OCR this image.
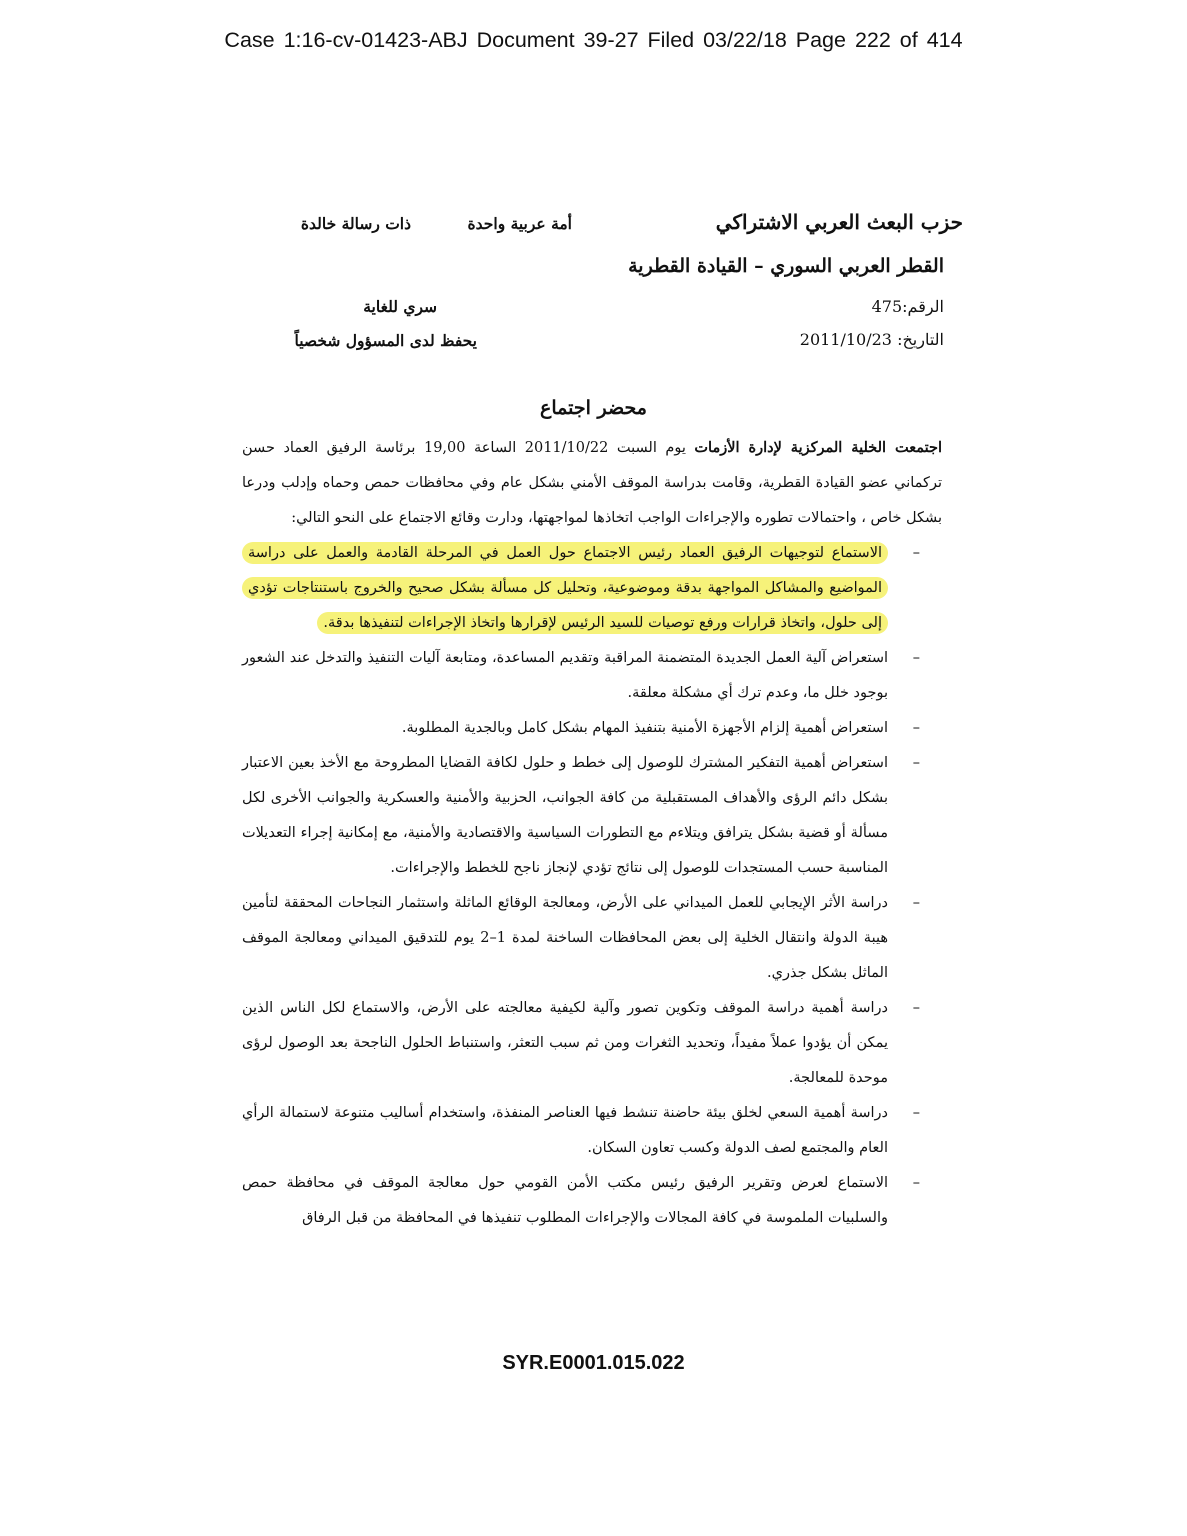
Case 1:16-cv-01423-ABJ Document 39-27 Filed 03/22/18 Page 222 of 414
حزب البعث العربي الاشتراكي
أمة عربية واحدة
ذات رسالة خالدة
القطر العربي السوري – القيادة القطرية
الرقم:475
التاريخ: 2011/10/23
سري للغاية
يحفظ لدى المسؤول شخصياً
محضر اجتماع

اجتمعت الخلية المركزية لإدارة الأزمات يوم السبت 2011/10/22 الساعة 19,00 برئاسة الرفيق العماد حسن تركماني عضو القيادة القطرية، وقامت بدراسة الموقف الأمني بشكل عام وفي محافظات حمص وحماه وإدلب ودرعا بشكل خاص ، واحتمالات تطوره والإجراءات الواجب اتخاذها لمواجهتها، ودارت وقائع الاجتماع على النحو التالي:

–
الاستماع لتوجيهات الرفيق العماد رئيس الاجتماع حول العمل في المرحلة القادمة والعمل على دراسة المواضيع والمشاكل المواجهة بدقة وموضوعية، وتحليل كل مسألة بشكل صحيح والخروج باستنتاجات تؤدي إلى حلول، واتخاذ قرارات ورفع توصيات للسيد الرئيس لإقرارها واتخاذ الإجراءات لتنفيذها بدقة.
–
استعراض آلية العمل الجديدة المتضمنة المراقبة وتقديم المساعدة، ومتابعة آليات التنفيذ والتدخل عند الشعور بوجود خلل ما، وعدم ترك أي مشكلة معلقة.
–
استعراض أهمية إلزام الأجهزة الأمنية بتنفيذ المهام بشكل كامل وبالجدية المطلوبة.
–
استعراض أهمية التفكير المشترك للوصول إلى خطط و حلول لكافة القضايا المطروحة مع الأخذ بعين الاعتبار بشكل دائم الرؤى والأهداف المستقبلية من كافة الجوانب، الحزبية والأمنية والعسكرية والجوانب الأخرى لكل مسألة أو قضية بشكل يترافق ويتلاءم مع التطورات السياسية والاقتصادية والأمنية، مع إمكانية إجراء التعديلات المناسبة حسب المستجدات للوصول إلى نتائج تؤدي لإنجاز ناجح للخطط والإجراءات.
–
دراسة الأثر الإيجابي للعمل الميداني على الأرض، ومعالجة الوقائع الماثلة واستثمار النجاحات المحققة لتأمين هيبة الدولة وانتقال الخلية إلى بعض المحافظات الساخنة لمدة 1–2 يوم للتدقيق الميداني ومعالجة الموقف الماثل بشكل جذري.
–
دراسة أهمية دراسة الموقف وتكوين تصور وآلية لكيفية معالجته على الأرض، والاستماع لكل الناس الذين يمكن أن يؤدوا عملاً مفيداً، وتحديد الثغرات ومن ثم سبب التعثر، واستنباط الحلول الناجحة بعد الوصول لرؤى موحدة للمعالجة.
–
دراسة أهمية السعي لخلق بيئة حاضنة تنشط فيها العناصر المنفذة، واستخدام أساليب متنوعة لاستمالة الرأي العام والمجتمع لصف الدولة وكسب تعاون السكان.
–
الاستماع لعرض وتقرير الرفيق رئيس مكتب الأمن القومي حول معالجة الموقف في محافظة حمص والسلبيات الملموسة في كافة المجالات والإجراءات المطلوب تنفيذها في المحافظة من قبل الرفاق
SYR.E0001.015.022
